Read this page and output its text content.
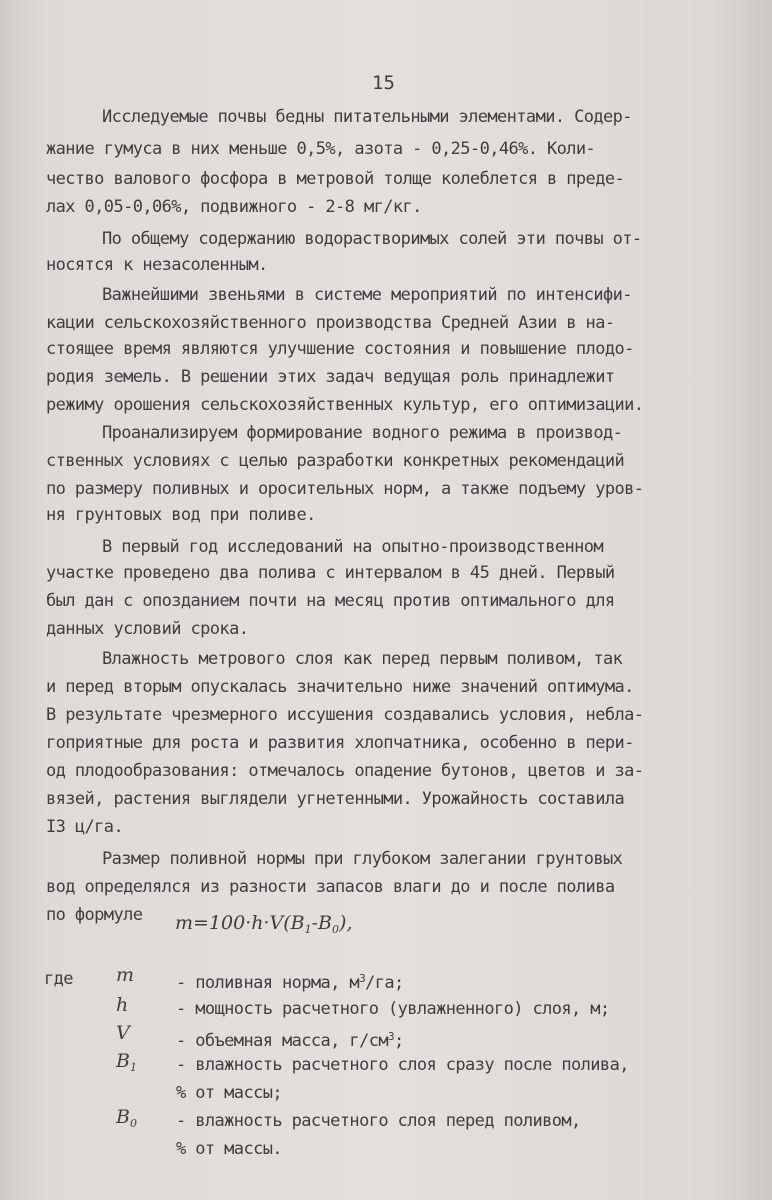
15
Исследуемые почвы бедны питательными элементами. Содер-
жание гумуса в них меньше 0,5%, азота - 0,25-0,46%. Коли-
чество валового фосфора в метровой толще колеблется в преде-
лах 0,05-0,06%, подвижного - 2-8 мг/кг.
По общему содержанию водорастворимых солей эти почвы от-
носятся к незасоленным.
Важнейшими звеньями в системе мероприятий по интенсифи-
кации сельскохозяйственного производства Средней Азии в на-
стоящее время являются улучшение состояния и повышение плодо-
родия земель. В решении этих задач ведущая роль принадлежит
режиму орошения сельскохозяйственных культур, его оптимизации.
Проанализируем формирование водного режима в производ-
ственных условиях с целью разработки конкретных рекомендаций
по размеру поливных и оросительных норм, а также подъему уров-
ня грунтовых вод при поливе.
В первый год исследований на опытно-производственном
участке проведено два полива с интервалом в 45 дней. Первый
был дан с опозданием почти на месяц против оптимального для
данных условий срока.
Влажность метрового слоя как перед первым поливом, так
и перед вторым опускалась значительно ниже значений оптимума.
В результате чрезмерного иссушения создавались условия, небла-
гоприятные для роста и развития хлопчатника, особенно в пери-
од плодообразования: отмечалось опадение бутонов, цветов и за-
вязей, растения выглядели угнетенными. Урожайность составила
I3 ц/га.
Размер поливной нормы при глубоком залегании грунтовых
вод определялся из разности запасов влаги до и после полива
по формуле $m=100\cdot h\cdot V(B_1-B_0)$,
где m - поливная норма, $м^3/га$;
h	- мощность расчетного (увлажненного) слоя, м;
V	- объемная масса, $г/см^3$;
$B_1$ - влажность расчетного слоя сразу после полива,
% от массы;
$B_0$ - влажность расчетного слоя перед поливом,
% от массы.
